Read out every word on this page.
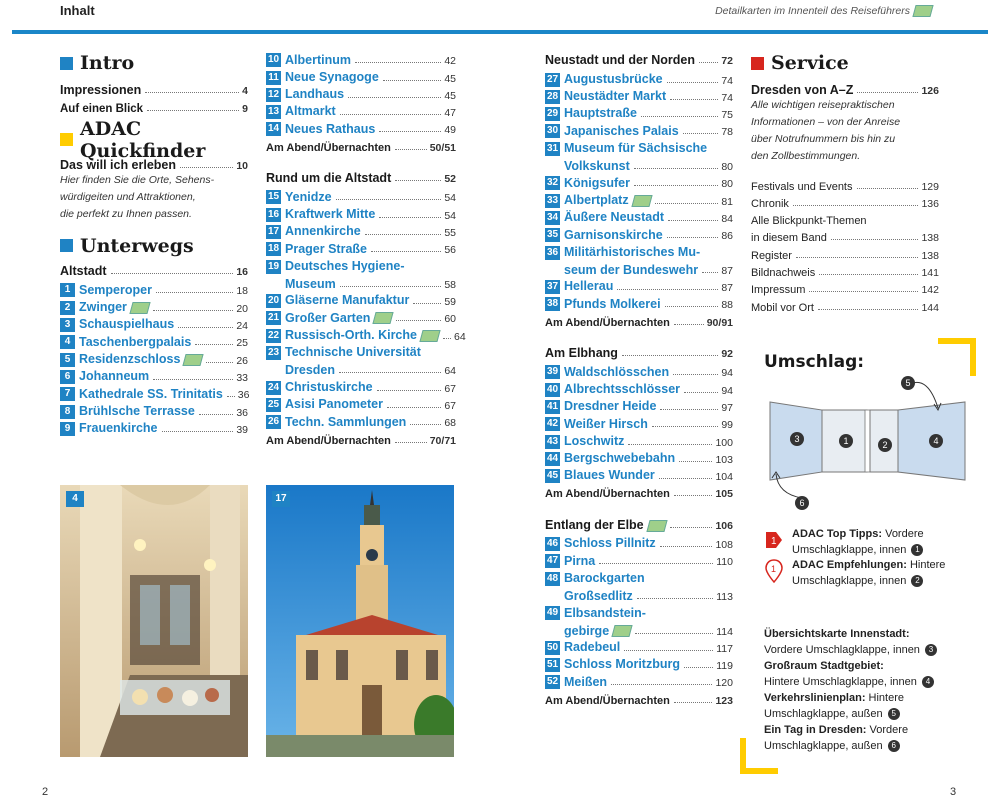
Inhalt	Detailkarten im Innenteil des Reiseführers
Intro
Impressionen	4
Auf einen Blick	9
ADAC Quickfinder
Das will ich erleben	10
Hier finden Sie die Orte, Sehens-
würdigeiten und Attraktionen,
die perfekt zu Ihnen passen.
Unterwegs
Altstadt	16
1 Semperoper	18
2 Zwinger	20
3 Schauspielhaus	24
4 Taschenbergpalais	25
5 Residenzschloss	26
6 Johanneum	33
7 Kathedrale SS. Trinitatis 36
8 Brühlsche Terrasse	36
9 Frauenkirche	39
10 Albertinum	42
11 Neue Synagoge	45
12 Landhaus	45
13 Altmarkt	47
14 Neues Rathaus	49
Am Abend/Übernachten	50/51
Rund um die Altstadt	52
15 Yenidze	54
16 Kraftwerk Mitte	54
17 Annenkirche	55
18 Prager Straße	56
19 Deutsches Hygiene-
Museum	58
20 Gläserne Manufaktur	59
21 Großer Garten	60
22 Russisch-Orth. Kirche	64
23 Technische Universität
Dresden	64
24 Christuskirche	67
25 Asisi Panometer	67
26 Techn. Sammlungen	68
Am Abend/Übernachten	70/71
Neustadt und der Norden	72
27 Augustusbrücke	74
28 Neustädter Markt	74
29 Hauptstraße	75
30 Japanisches Palais	78
31 Museum für Sächsische
Volkskunst	80
32 Königsufer	80
33 Albertplatz	81
34 Äußere Neustadt	84
35 Garnisonskirche	86
36 Militärhistorisches Mu-
seum der Bundeswehr 87
37 Hellerau	87
38 Pfunds Molkerei	88
Am Abend/Übernachten	90/91
Am Elbhang	92
39 Waldschlösschen	94
40 Albrechtsschlösser	94
41 Dresdner Heide	97
42 Weißer Hirsch	99
43 Loschwitz	100
44 Bergschwebebahn	103
45 Blaues Wunder	104
Am Abend/Übernachten	105
Entlang der Elbe	106
46 Schloss Pillnitz	108
47 Pirna	110
48 Barockgarten
Großsedlitz	113
49 Elbsandstein-
gebirge	114
50 Radebeul	117
51 Schloss Moritzburg	119
52 Meißen	120
Am Abend/Übernachten	123
Service
Dresden von A–Z	126
Alle wichtigen reisepraktischen
Informationen – von der Anreise
über Notrufnummern bis hin zu
den Zollbestimmungen.
Festivals und Events	129
Chronik	136
Alle Blickpunkt-Themen
in diesem Band	138
Register	138
Bildnachweis	141
Impressum	142
Mobil vor Ort	144
Umschlag:
3	1	2	4
5
6
1
ADAC Top Tipps: Vordere
Umschlagklappe, innen 1
1 ADAC Empfehlungen: Hintere
Umschlagklappe, innen 2
Übersichtskarte Innenstadt:
Vordere Umschlagklappe, innen 3
Großraum Stadtgebiet:
Hintere Umschlagklappe, innen 4
Verkehrslinienplan: Hintere
Umschlagklappe, außen 5
Ein Tag in Dresden: Vordere
Umschlagklappe, außen 6
4	17
2	3
